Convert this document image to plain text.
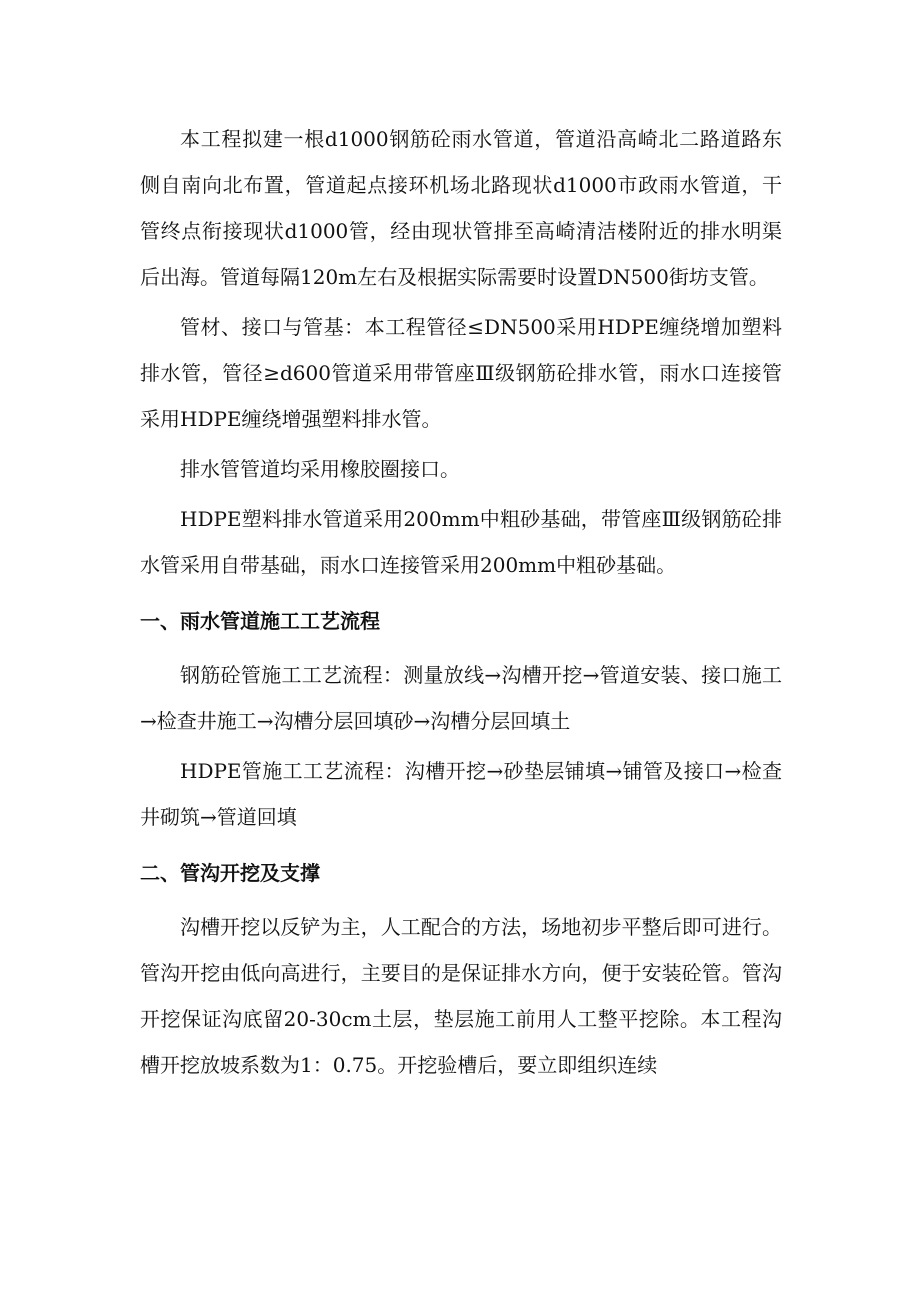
本工程拟建一根d1000钢筋砼雨水管道，管道沿高崎北二路道路东侧自南向北布置，管道起点接环机场北路现状d1000市政雨水管道，干管终点衔接现状d1000管，经由现状管排至高崎清洁楼附近的排水明渠后出海。管道每隔120m左右及根据实际需要时设置DN500街坊支管。

管材、接口与管基：本工程管径≤DN500采用HDPE缠绕增加塑料排水管，管径≥d600管道采用带管座Ⅲ级钢筋砼排水管，雨水口连接管采用HDPE缠绕增强塑料排水管。

排水管管道均采用橡胶圈接口。

HDPE塑料排水管道采用200mm中粗砂基础，带管座Ⅲ级钢筋砼排水管采用自带基础，雨水口连接管采用200mm中粗砂基础。

一、雨水管道施工工艺流程

钢筋砼管施工工艺流程：测量放线→沟槽开挖→管道安装、接口施工→检查井施工→沟槽分层回填砂→沟槽分层回填土

HDPE管施工工艺流程：沟槽开挖→砂垫层铺填→铺管及接口→检查井砌筑→管道回填

二、管沟开挖及支撑

沟槽开挖以反铲为主，人工配合的方法，场地初步平整后即可进行。管沟开挖由低向高进行，主要目的是保证排水方向，便于安装砼管。管沟开挖保证沟底留20-30cm土层，垫层施工前用人工整平挖除。本工程沟槽开挖放坡系数为1：0.75。开挖验槽后，要立即组织连续
